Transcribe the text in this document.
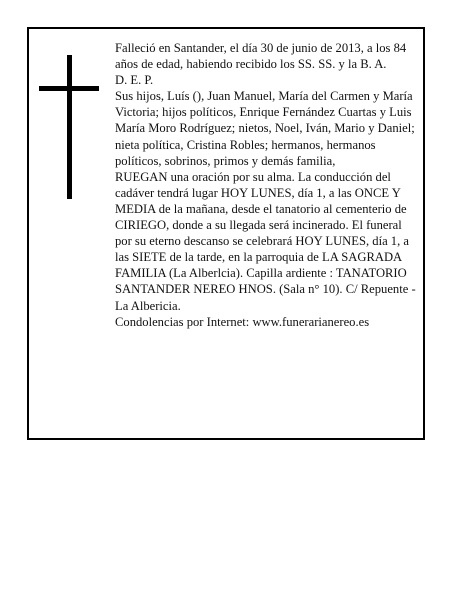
Falleció en Santander, el día 30 de junio de 2013, a los 84 años de edad, habiendo recibido los SS. SS. y la B. A.

D. E. P.

Sus hijos, Luís (), Juan Manuel, María del Carmen y María Victoria; hijos políticos, Enrique Fernández Cuartas y Luis María Moro Rodríguez; nietos, Noel, Iván, Mario y Daniel; nieta política, Cristina Robles; hermanos, hermanos políticos, sobrinos, primos y demás familia,

RUEGAN una oración por su alma. La conducción del cadáver tendrá lugar HOY LUNES, día 1, a las ONCE Y MEDIA de la mañana, desde el tanatorio al cementerio de CIRIEGO, donde a su llegada será incinerado. El funeral por su eterno descanso se celebrará HOY LUNES, día 1, a las SIETE de la tarde, en la parroquia de LA SAGRADA FAMILIA (La Alberlcia). Capilla ardiente : TANATORIO SANTANDER NEREO HNOS. (Sala n° 10). C/ Repuente - La Albericia.

Condolencias por Internet: www.funerarianereo.es
